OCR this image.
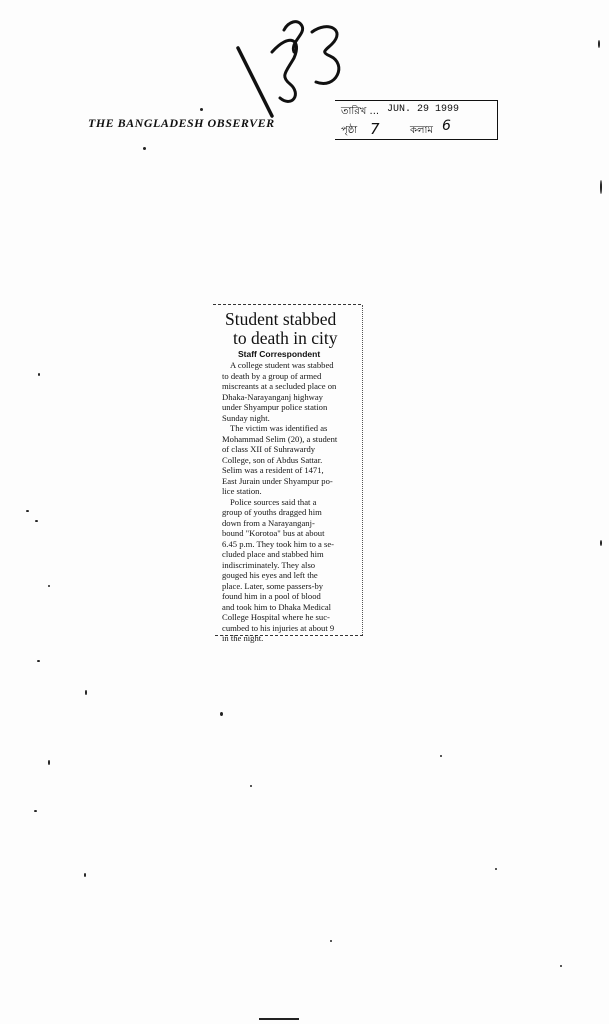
183
THE BANGLADESH OBSERVER
তারিখ ... JUN. 29 1999
পৃষ্ঠা 7	কলাম 6
Student stabbed
to death in city
Staff Correspondent
A college student was stabbed
to death by a group of armed
miscreants at a secluded place on
Dhaka-Narayanganj highway
under Shyampur police station
Sunday night.
The victim was identified as
Mohammad Selim (20), a student
of class XII of Suhrawardy
College, son of Abdus Sattar.
Selim was a resident of 1471,
East Jurain under Shyampur po-
lice station.
Police sources said that a
group of youths dragged him
down from a Narayanganj-
bound "Korotoa" bus at about
6.45 p.m. They took him to a se-
cluded place and stabbed him
indiscriminately. They also
gouged his eyes and left the
place. Later, some passers-by
found him in a pool of blood
and took him to Dhaka Medical
College Hospital where he suc-
cumbed to his injuries at about 9
in the night.
